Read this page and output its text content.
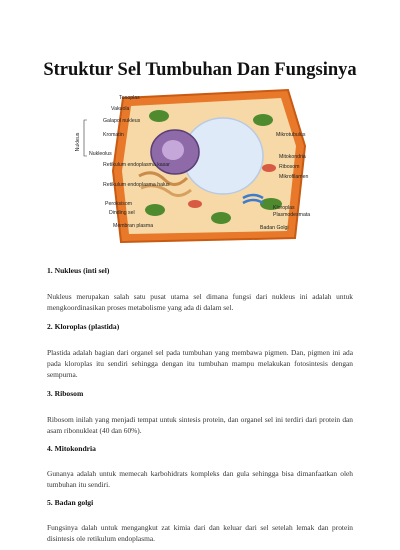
Struktur Sel Tumbuhan Dan Fungsinya
Nukleus
Tonoplas
Vakuola
Galapol nukleus
Kromatin
Nukleolus
Retikulum endoplasma kasar
Retikulum endoplasma halus
Peroksisom
Dinding sel
Membran plasma
Mikrotubulus
Mitokondria
Ribosom
Mikrofilamen
Kloroplas
Plasmodesmata
Badan Golgi

1. Nukleus (inti sel)

Nukleus merupakan salah satu pusat utama sel dimana fungsi dari nukleus ini adalah untuk mengkoordinasikan proses metabolisme yang ada di dalam sel.

2. Kloroplas (plastida)

Plastida adalah bagian dari organel sel pada tumbuhan yang membawa pigmen. Dan, pigmen ini ada pada kloroplas itu sendiri sehingga dengan itu tumbuhan mampu melakukan fotosintesis dengan sempurna.

3. Ribosom

Ribosom inilah yang menjadi tempat untuk sintesis protein, dan organel sel ini terdiri dari protein dan asam ribonukleat (40 dan 60%).

4. Mitokondria

Gunanya adalah untuk memecah karbohidrats kompleks dan gula sehingga bisa dimanfaatkan oleh tumbuhan itu sendiri.

5. Badan golgi

Fungsinya dalah untuk mengangkut zat kimia dari dan keluar dari sel setelah lemak dan protein disintesis ole retikulum endoplasma.
